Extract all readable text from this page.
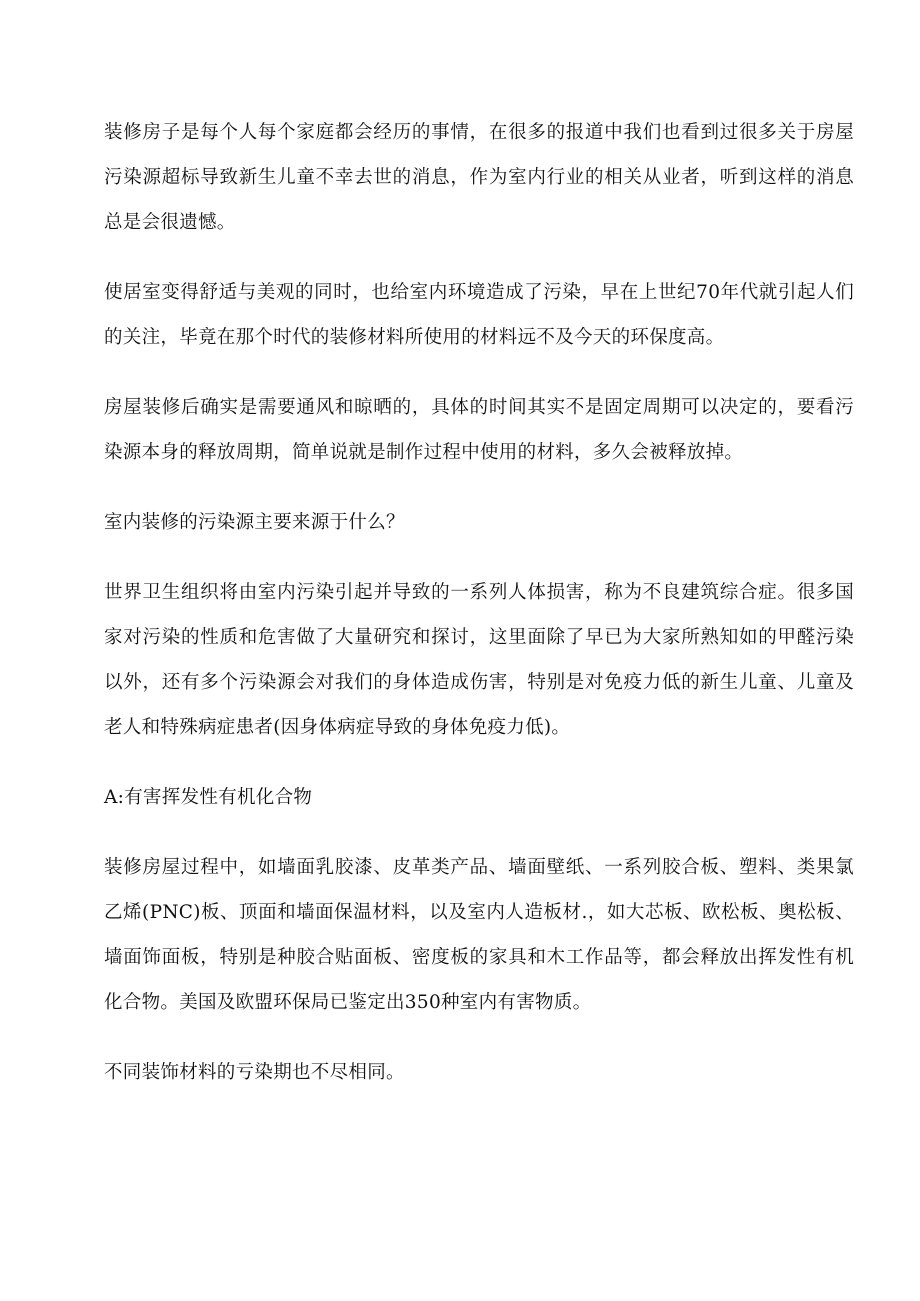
装修房子是每个人每个家庭都会经历的事情，在很多的报道中我们也看到过很多关于房屋污染源超标导致新生儿童不幸去世的消息，作为室内行业的相关从业者，听到这样的消息总是会很遗憾。

使居室变得舒适与美观的同时，也给室内环境造成了污染，早在上世纪70年代就引起人们的关注，毕竟在那个时代的装修材料所使用的材料远不及今天的环保度高。

房屋装修后确实是需要通风和晾晒的，具体的时间其实不是固定周期可以决定的，要看污染源本身的释放周期，简单说就是制作过程中使用的材料，多久会被释放掉。

室内装修的污染源主要来源于什么？

世界卫生组织将由室内污染引起并导致的一系列人体损害，称为不良建筑综合症。很多国家对污染的性质和危害做了大量研究和探讨，这里面除了早已为大家所熟知如的甲醛污染以外，还有多个污染源会对我们的身体造成伤害，特别是对免疫力低的新生儿童、儿童及老人和特殊病症患者(因身体病症导致的身体免疫力低)。

A:有害挥发性有机化合物

装修房屋过程中，如墙面乳胶漆、皮革类产品、墙面壁纸、一系列胶合板、塑料、类果氯乙烯(PNC)板、顶面和墙面保温材料，以及室内人造板材.，如大芯板、欧松板、奥松板、墙面饰面板，特别是种胶合贴面板、密度板的家具和木工作品等，都会释放出挥发性有机化合物。美国及欧盟环保局已鉴定出350种室内有害物质。

不同装饰材料的亏染期也不尽相同。
